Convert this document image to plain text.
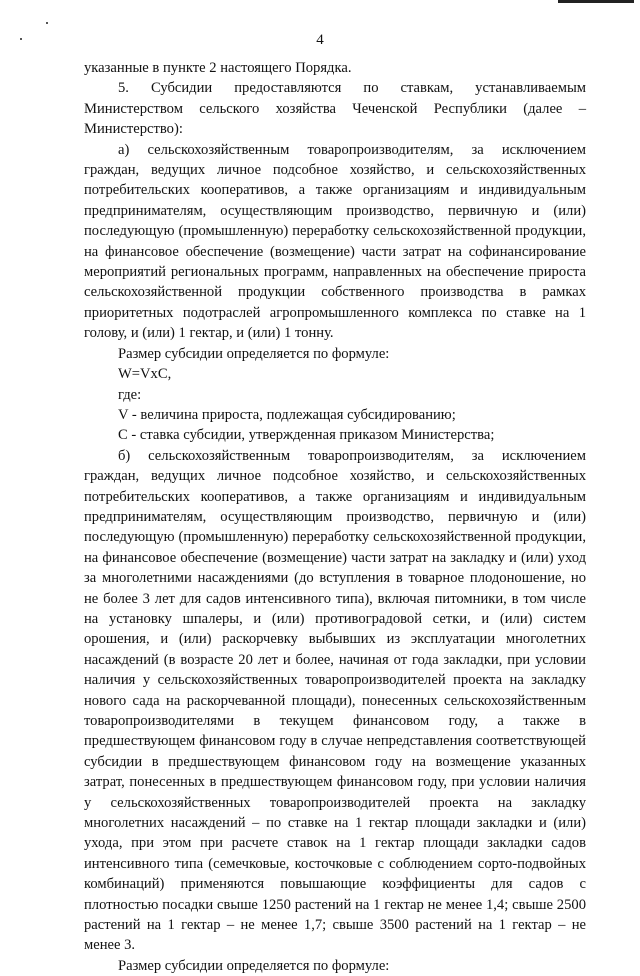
4

указанные в пункте 2 настоящего Порядка.

5. Субсидии предоставляются по ставкам, устанавливаемым Министерством сельского хозяйства Чеченской Республики (далее – Министерство):

а) сельскохозяйственным товаропроизводителям, за исключением граждан, ведущих личное подсобное хозяйство, и сельскохозяйственных потребительских кооперативов, а также организациям и индивидуальным предпринимателям, осуществляющим производство, первичную и (или) последующую (промышленную) переработку сельскохозяйственной продукции, на финансовое обеспечение (возмещение) части затрат на софинансирование мероприятий региональных программ, направленных на обеспечение прироста сельскохозяйственной продукции собственного производства в рамках приоритетных подотраслей агропромышленного комплекса по ставке на 1 голову, и (или) 1 гектар, и (или) 1 тонну.

Размер субсидии определяется по формуле:

W=VxC,

где:

V - величина прироста, подлежащая субсидированию;

С - ставка субсидии, утвержденная приказом Министерства;

б) сельскохозяйственным товаропроизводителям, за исключением граждан, ведущих личное подсобное хозяйство, и сельскохозяйственных потребительских кооперативов, а также организациям и индивидуальным предпринимателям, осуществляющим производство, первичную и (или) последующую (промышленную) переработку сельскохозяйственной продукции, на финансовое обеспечение (возмещение) части затрат на закладку и (или) уход за многолетними насаждениями (до вступления в товарное плодоношение, но не более 3 лет для садов интенсивного типа), включая питомники, в том числе на установку шпалеры, и (или) противоградовой сетки, и (или) систем орошения, и (или) раскорчевку выбывших из эксплуатации многолетних насаждений (в возрасте 20 лет и более, начиная от года закладки, при условии наличия у сельскохозяйственных товаропроизводителей проекта на закладку нового сада на раскорчеванной площади), понесенных сельскохозяйственным товаропроизводителями в текущем финансовом году, а также в предшествующем финансовом году в случае непредставления соответствующей субсидии в предшествующем финансовом году на возмещение указанных затрат, понесенных в предшествующем финансовом году, при условии наличия у сельскохозяйственных товаропроизводителей проекта на закладку многолетних насаждений – по ставке на 1 гектар площади закладки и (или) ухода, при этом при расчете ставок на 1 гектар площади закладки садов интенсивного типа (семечковые, косточковые с соблюдением сорто-подвойных комбинаций) применяются повышающие коэффициенты для садов с плотностью посадки свыше 1250 растений на 1 гектар не менее 1,4; свыше 2500 растений на 1 гектар – не менее 1,7; свыше 3500 растений на 1 гектар – не менее 3.

Размер субсидии определяется по формуле:
